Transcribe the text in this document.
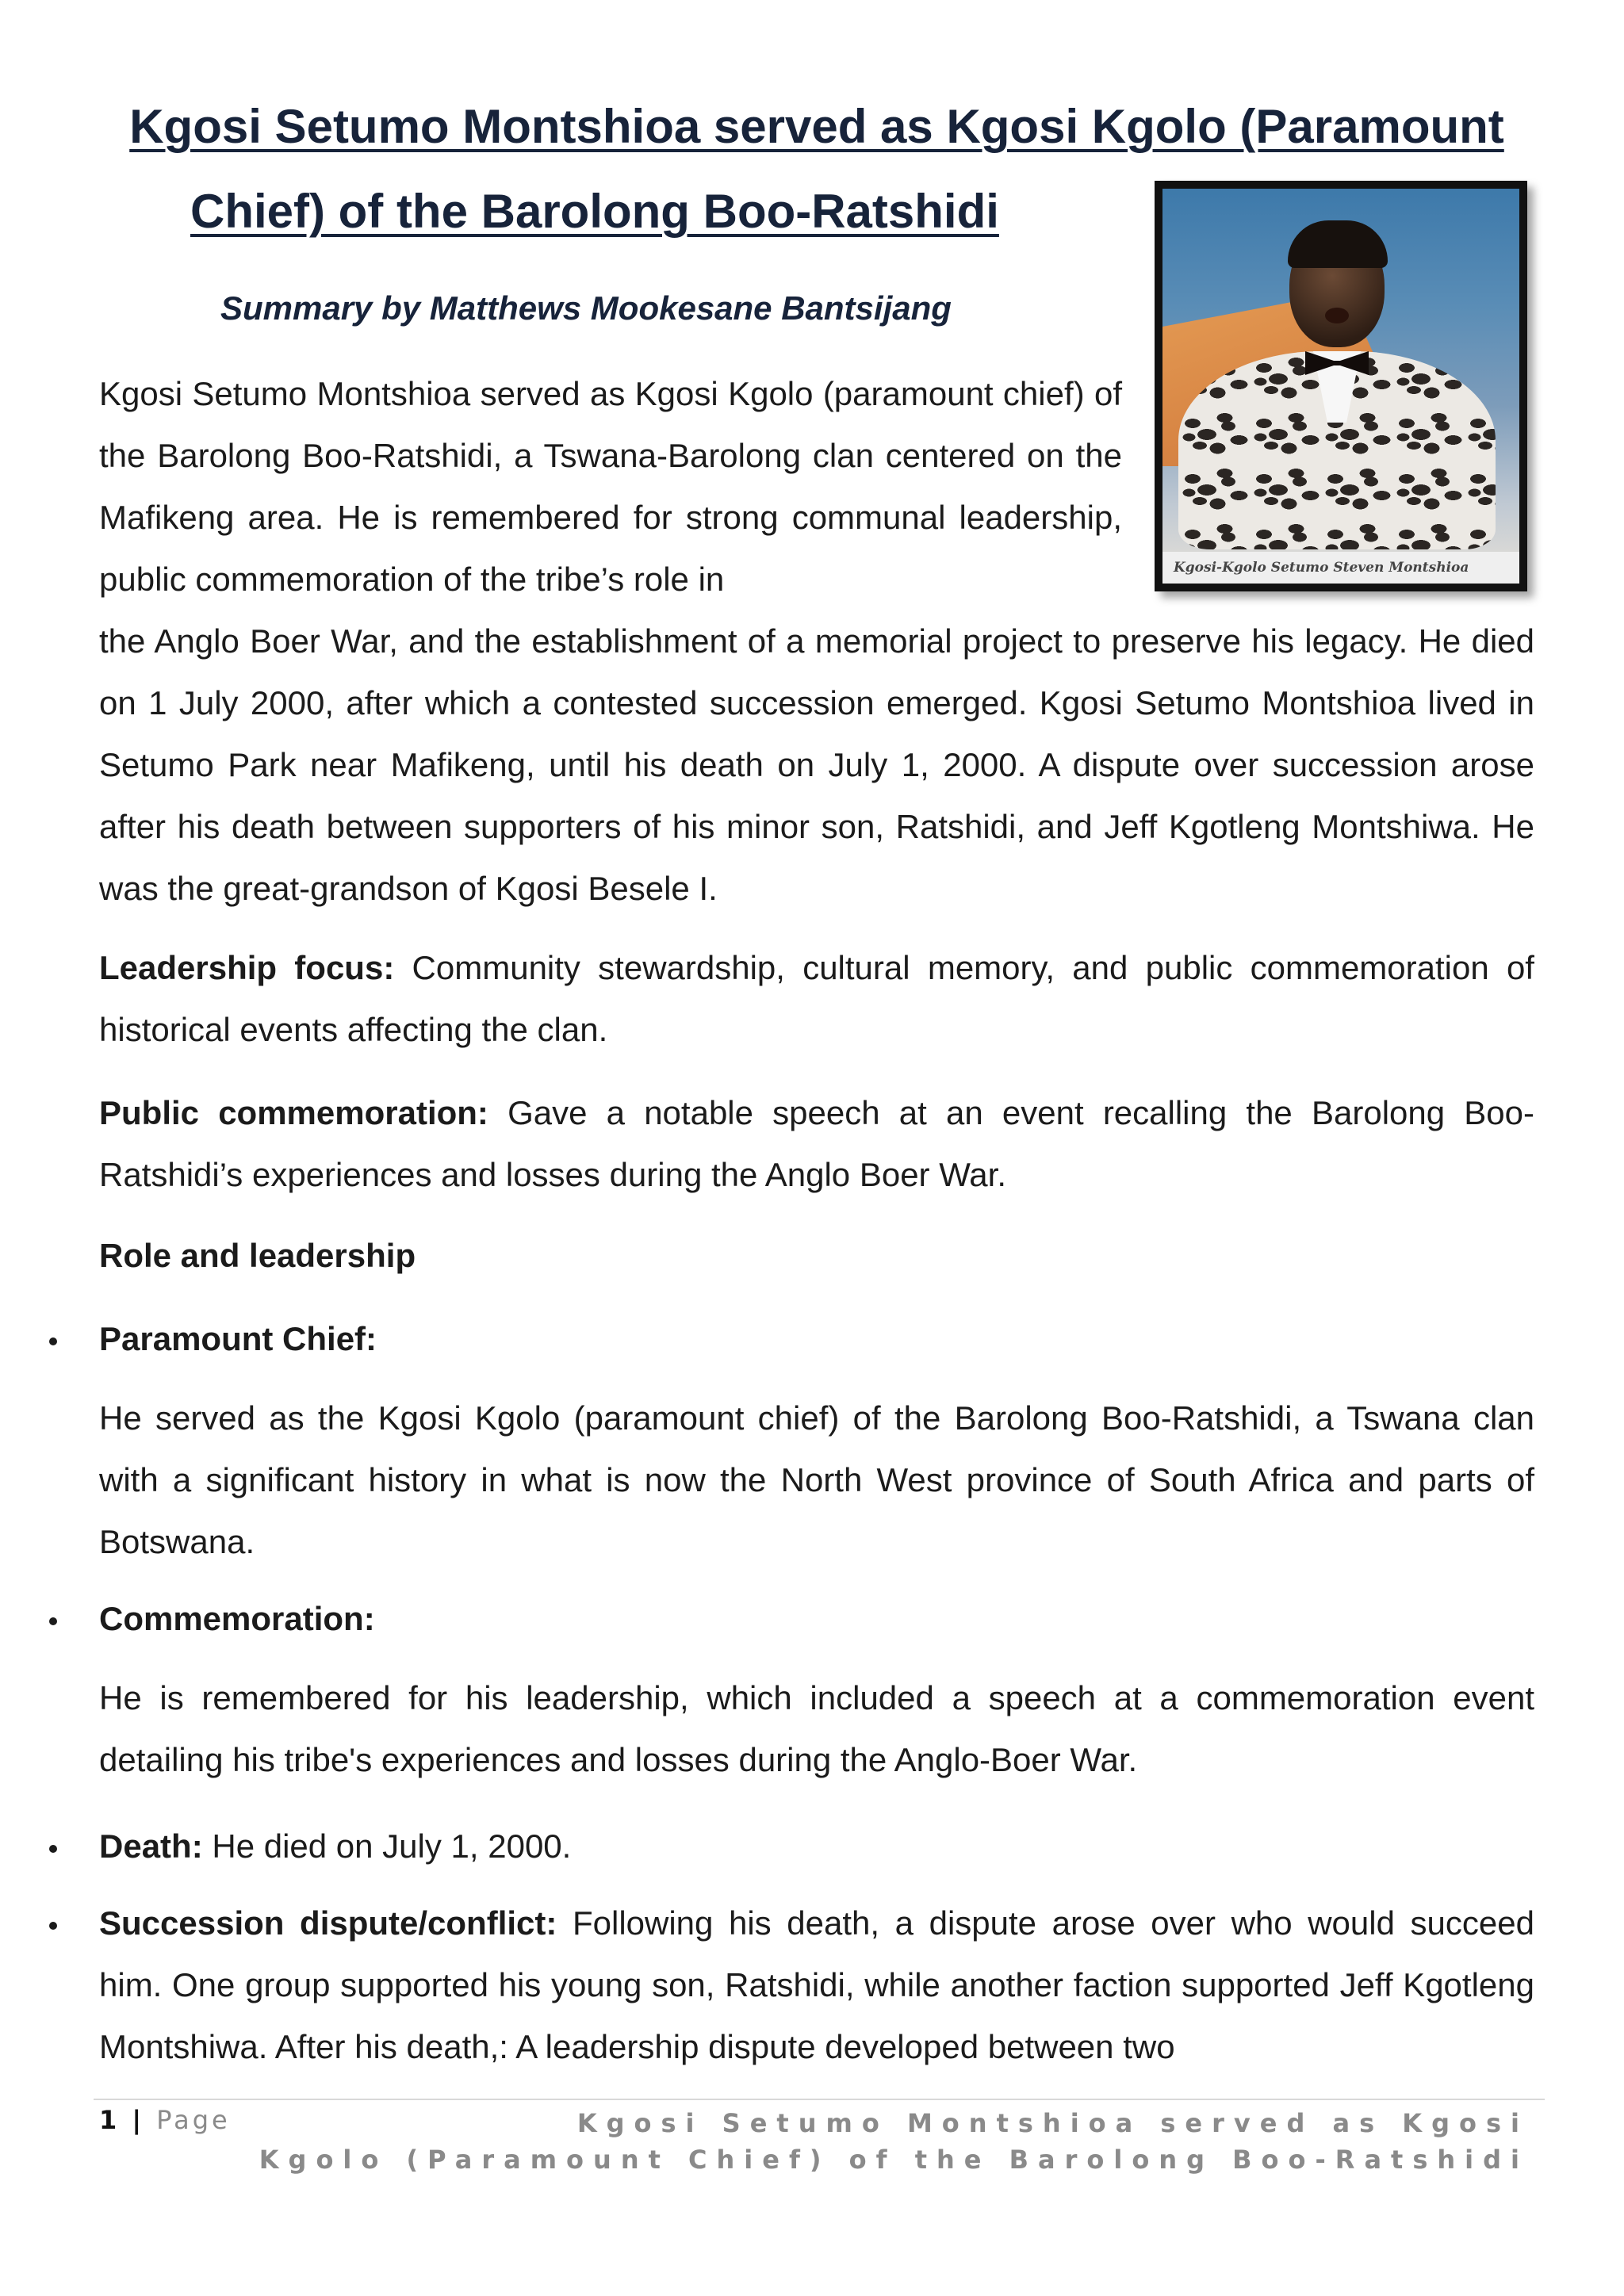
Kgosi Setumo Montshioa served as Kgosi Kgolo (Paramount
Chief) of the Barolong Boo-Ratshidi
Summary by Matthews Mookesane Bantsijang
Kgosi-Kgolo Setumo Steven Montshioa

Kgosi Setumo Montshioa served as Kgosi Kgolo (paramount chief) of the Barolong Boo-Ratshidi, a Tswana-Barolong clan centered on the Mafikeng area. He is remembered for strong communal leadership, public commemoration of the tribe’s role in

the Anglo Boer War, and the establishment of a memorial project to preserve his legacy. He died on 1 July 2000, after which a contested succession emerged. Kgosi Setumo Montshioa lived in Setumo Park near Mafikeng, until his death on July 1, 2000. A dispute over succession arose after his death between supporters of his minor son, Ratshidi, and Jeff Kgotleng Montshiwa. He was the great-grandson of Kgosi Besele I.

Leadership focus: Community stewardship, cultural memory, and public commemoration of historical events affecting the clan.

Public commemoration: Gave a notable speech at an event recalling the Barolong Boo-Ratshidi’s experiences and losses during the Anglo Boer War.

Role and leadership
Paramount Chief:

He served as the Kgosi Kgolo (paramount chief) of the Barolong Boo-Ratshidi, a Tswana clan with a significant history in what is now the North West province of South Africa and parts of Botswana.

Commemoration:

He is remembered for his leadership, which included a speech at a commemoration event detailing his tribe's experiences and losses during the Anglo-Boer War.

Death: He died on July 1, 2000.

Succession dispute/conflict: Following his death, a dispute arose over who would succeed him. One group supported his young son, Ratshidi, while another faction supported Jeff Kgotleng Montshiwa. After his death,: A leadership dispute developed between two

1 | Page	Kgosi Setumo Montshioa served as Kgosi
Kgolo (Paramount Chief) of the Barolong Boo-Ratshidi
